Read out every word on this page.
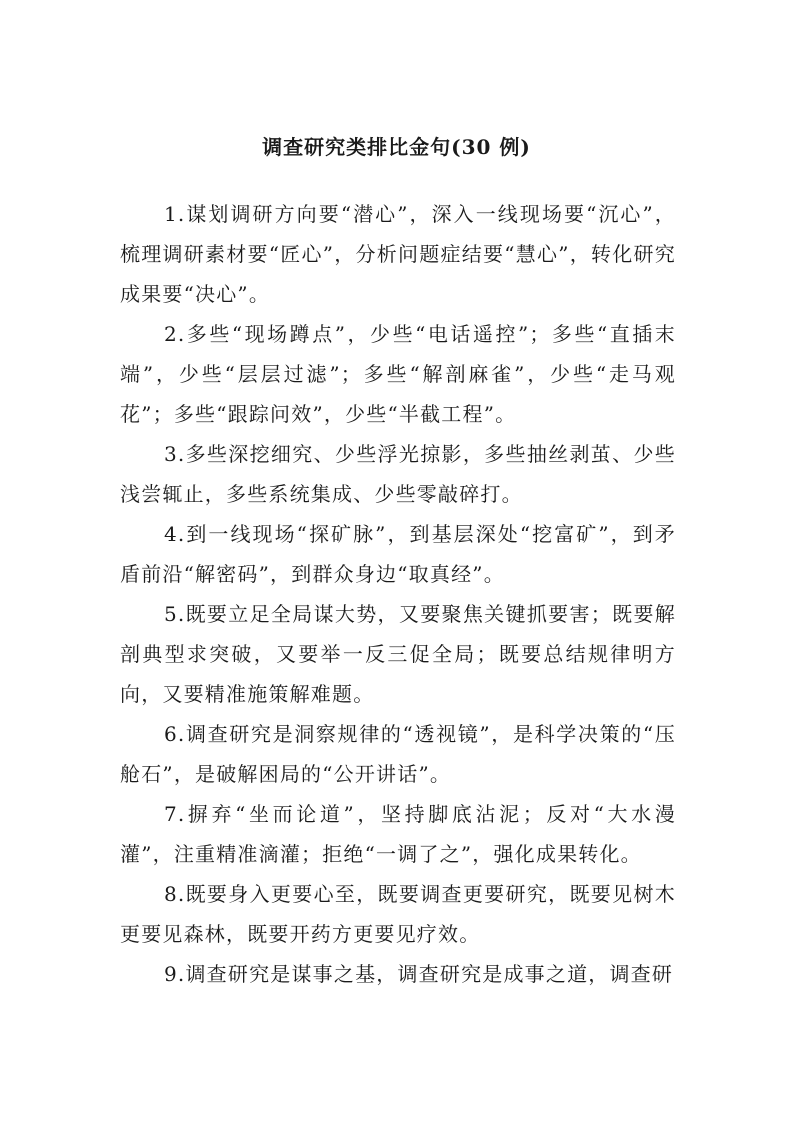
调查研究类排比金句(30 例)

1.谋划调研方向要“潜心”，深入一线现场要“沉心”，梳理调研素材要“匠心”，分析问题症结要“慧心”，转化研究成果要“决心”。

2.多些“现场蹲点”，少些“电话遥控”；多些“直插末端”，少些“层层过滤”；多些“解剖麻雀”，少些“走马观花”；多些“跟踪问效”，少些“半截工程”。

3.多些深挖细究、少些浮光掠影，多些抽丝剥茧、少些浅尝辄止，多些系统集成、少些零敲碎打。

4.到一线现场“探矿脉”，到基层深处“挖富矿”，到矛盾前沿“解密码”，到群众身边“取真经”。

5.既要立足全局谋大势，又要聚焦关键抓要害；既要解剖典型求突破，又要举一反三促全局；既要总结规律明方向，又要精准施策解难题。

6.调查研究是洞察规律的“透视镜”，是科学决策的“压舱石”，是破解困局的“公开讲话”。

7.摒弃“坐而论道”，坚持脚底沾泥；反对“大水漫灌”，注重精准滴灌；拒绝“一调了之”，强化成果转化。

8.既要身入更要心至，既要调查更要研究，既要见树木更要见森林，既要开药方更要见疗效。

9.调查研究是谋事之基，调查研究是成事之道，调查研
